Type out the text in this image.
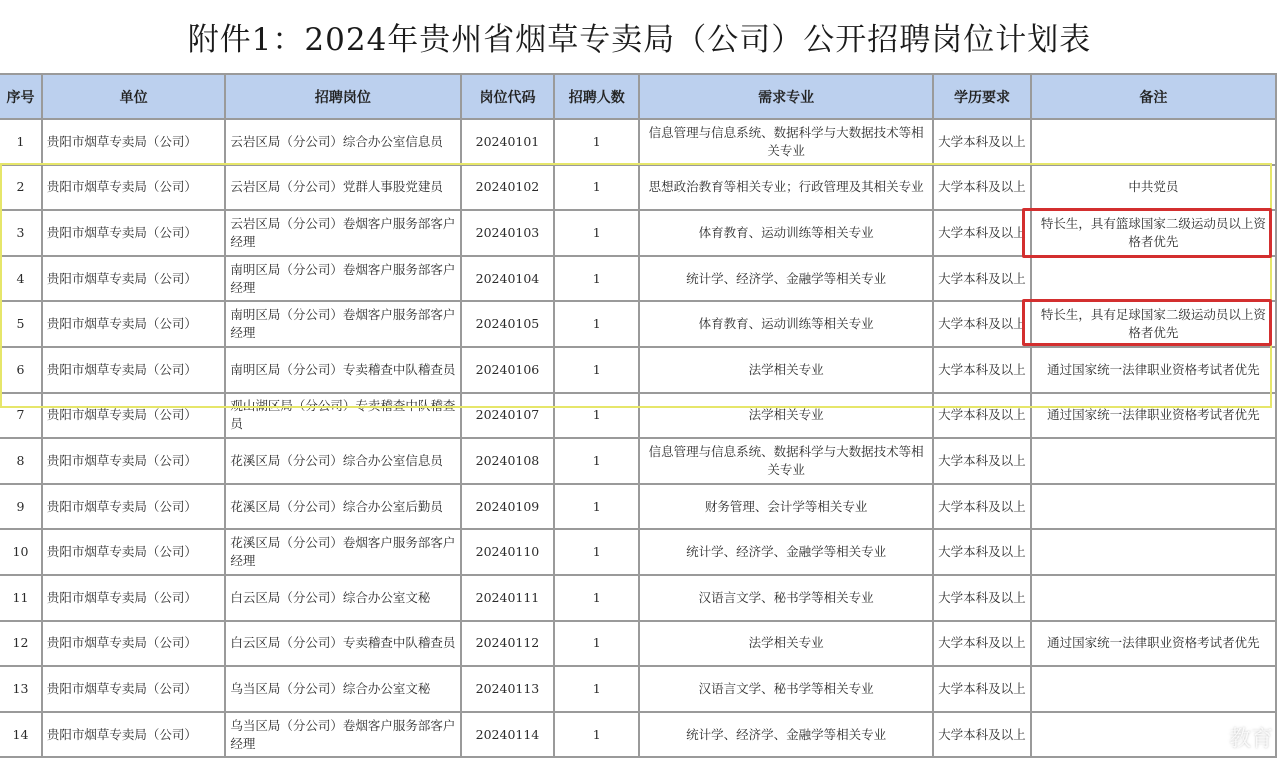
附件1：2024年贵州省烟草专卖局（公司）公开招聘岗位计划表
序号	单位	招聘岗位	岗位代码	招聘人数	需求专业	学历要求	备注
1	贵阳市烟草专卖局（公司）	云岩区局（分公司）综合办公室信息员	20240101	1	信息管理与信息系统、数据科学与大数据技术等相关专业	大学本科及以上	
2	贵阳市烟草专卖局（公司）	云岩区局（分公司）党群人事股党建员	20240102	1	思想政治教育等相关专业；行政管理及其相关专业	大学本科及以上	中共党员
3	贵阳市烟草专卖局（公司）	云岩区局（分公司）卷烟客户服务部客户经理	20240103	1	体育教育、运动训练等相关专业	大学本科及以上	特长生，具有篮球国家二级运动员以上资格者优先
4	贵阳市烟草专卖局（公司）	南明区局（分公司）卷烟客户服务部客户经理	20240104	1	统计学、经济学、金融学等相关专业	大学本科及以上	
5	贵阳市烟草专卖局（公司）	南明区局（分公司）卷烟客户服务部客户经理	20240105	1	体育教育、运动训练等相关专业	大学本科及以上	特长生，具有足球国家二级运动员以上资格者优先
6	贵阳市烟草专卖局（公司）	南明区局（分公司）专卖稽查中队稽查员	20240106	1	法学相关专业	大学本科及以上	通过国家统一法律职业资格考试者优先
7	贵阳市烟草专卖局（公司）	观山湖区局（分公司）专卖稽查中队稽查员	20240107	1	法学相关专业	大学本科及以上	通过国家统一法律职业资格考试者优先
8	贵阳市烟草专卖局（公司）	花溪区局（分公司）综合办公室信息员	20240108	1	信息管理与信息系统、数据科学与大数据技术等相关专业	大学本科及以上	
9	贵阳市烟草专卖局（公司）	花溪区局（分公司）综合办公室后勤员	20240109	1	财务管理、会计学等相关专业	大学本科及以上	
10	贵阳市烟草专卖局（公司）	花溪区局（分公司）卷烟客户服务部客户经理	20240110	1	统计学、经济学、金融学等相关专业	大学本科及以上	
11	贵阳市烟草专卖局（公司）	白云区局（分公司）综合办公室文秘	20240111	1	汉语言文学、秘书学等相关专业	大学本科及以上	
12	贵阳市烟草专卖局（公司）	白云区局（分公司）专卖稽查中队稽查员	20240112	1	法学相关专业	大学本科及以上	通过国家统一法律职业资格考试者优先
13	贵阳市烟草专卖局（公司）	乌当区局（分公司）综合办公室文秘	20240113	1	汉语言文学、秘书学等相关专业	大学本科及以上	
14	贵阳市烟草专卖局（公司）	乌当区局（分公司）卷烟客户服务部客户经理	20240114	1	统计学、经济学、金融学等相关专业	大学本科及以上		教育
